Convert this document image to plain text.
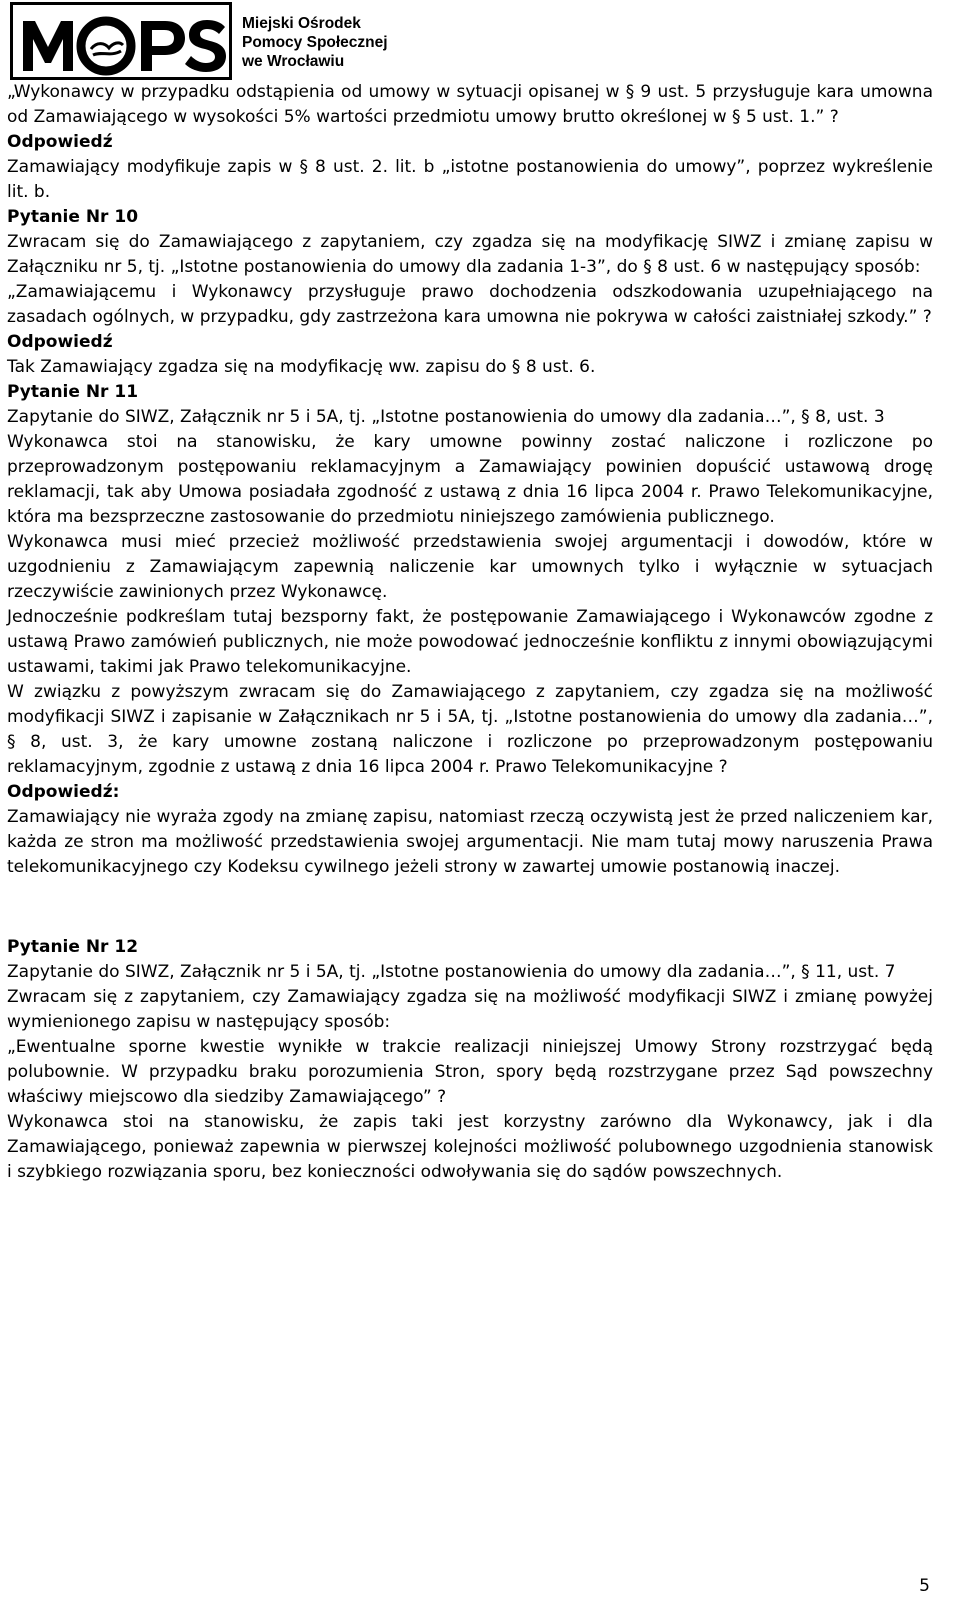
Miejski Ośrodek
Pomocy Społecznej
we Wrocławiu

„Wykonawcy w przypadku odstąpienia od umowy w sytuacji opisanej w § 9 ust. 5 przysługuje kara umowna od Zamawiającego w wysokości 5% wartości przedmiotu umowy brutto określonej w § 5 ust. 1.” ?

Odpowiedź

Zamawiający modyfikuje zapis w § 8 ust. 2. lit. b „istotne postanowienia do umowy”, poprzez wykreślenie lit. b.

Pytanie Nr 10

Zwracam się do Zamawiającego z zapytaniem, czy zgadza się na modyfikację SIWZ i zmianę zapisu w Załączniku nr 5, tj. „Istotne postanowienia do umowy dla zadania 1-3”, do § 8 ust. 6 w następujący sposób:

„Zamawiającemu i Wykonawcy przysługuje prawo dochodzenia odszkodowania uzupełniającego na zasadach ogólnych, w przypadku, gdy zastrzeżona kara umowna nie pokrywa w całości zaistniałej szkody.” ?

Odpowiedź

Tak Zamawiający zgadza się na modyfikację ww. zapisu do § 8 ust. 6.

Pytanie Nr 11

Zapytanie do SIWZ, Załącznik nr 5 i 5A, tj. „Istotne postanowienia do umowy dla zadania…”, § 8, ust. 3

Wykonawca stoi na stanowisku, że kary umowne powinny zostać naliczone i rozliczone po przeprowadzonym postępowaniu reklamacyjnym a Zamawiający powinien dopuścić ustawową drogę reklamacji, tak aby Umowa posiadała zgodność z ustawą z dnia 16 lipca 2004 r. Prawo Telekomunikacyjne, która ma bezsprzeczne zastosowanie do przedmiotu niniejszego zamówienia publicznego.

Wykonawca musi mieć przecież możliwość przedstawienia swojej argumentacji i dowodów, które w uzgodnieniu z Zamawiającym zapewnią naliczenie kar umownych tylko i wyłącznie w sytuacjach rzeczywiście zawinionych przez Wykonawcę.

Jednocześnie podkreślam tutaj bezsporny fakt, że postępowanie Zamawiającego i Wykonawców zgodne z ustawą Prawo zamówień publicznych, nie może powodować jednocześnie konfliktu z innymi obowiązującymi ustawami, takimi jak Prawo telekomunikacyjne.

W związku z powyższym zwracam się do Zamawiającego z zapytaniem, czy zgadza się na możliwość modyfikacji SIWZ i zapisanie w Załącznikach nr 5 i 5A, tj. „Istotne postanowienia do umowy dla zadania…”, § 8, ust. 3, że kary umowne zostaną naliczone i rozliczone po przeprowadzonym postępowaniu reklamacyjnym, zgodnie z ustawą z dnia 16 lipca 2004 r. Prawo Telekomunikacyjne ?

Odpowiedź:

Zamawiający nie wyraża zgody na zmianę zapisu, natomiast rzeczą oczywistą jest że przed naliczeniem kar, każda ze stron ma możliwość przedstawienia swojej argumentacji. Nie mam tutaj mowy naruszenia Prawa telekomunikacyjnego czy Kodeksu cywilnego jeżeli strony w zawartej umowie postanowią inaczej.

Pytanie Nr 12

Zapytanie do SIWZ, Załącznik nr 5 i 5A, tj. „Istotne postanowienia do umowy dla zadania…”, § 11, ust. 7

Zwracam się z zapytaniem, czy Zamawiający zgadza się na możliwość modyfikacji SIWZ i zmianę powyżej wymienionego zapisu w następujący sposób:

„Ewentualne sporne kwestie wynikłe w trakcie realizacji niniejszej Umowy Strony rozstrzygać będą polubownie. W przypadku braku porozumienia Stron, spory będą rozstrzygane przez Sąd powszechny właściwy miejscowo dla siedziby Zamawiającego” ?

Wykonawca stoi na stanowisku, że zapis taki jest korzystny zarówno dla Wykonawcy, jak i dla Zamawiającego, ponieważ zapewnia w pierwszej kolejności możliwość polubownego uzgodnienia stanowisk i szybkiego rozwiązania sporu, bez konieczności odwoływania się do sądów powszechnych.

5
